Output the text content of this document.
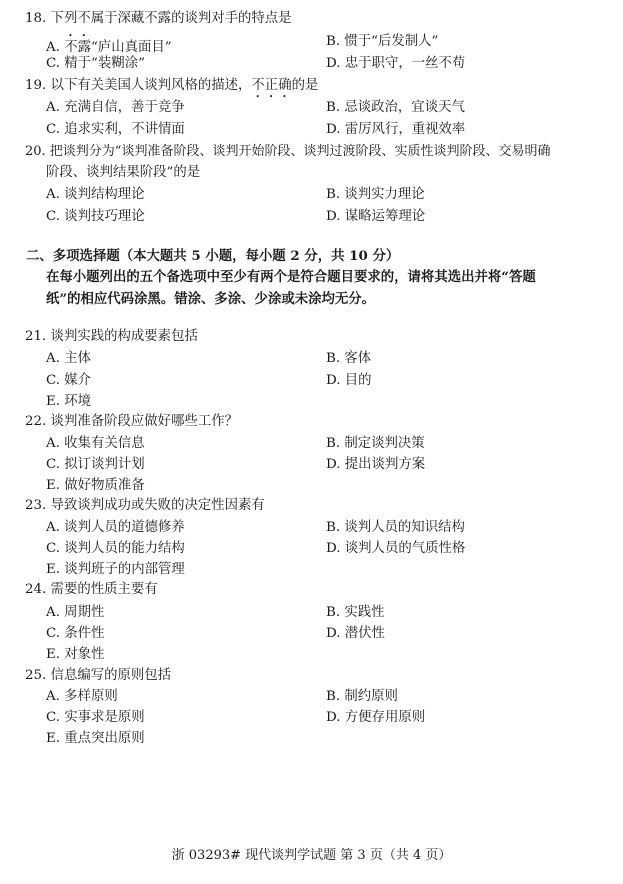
18. 下列不属于深藏不露的谈判对手的特点是
A. 不露“庐山真面目”	B. 惯于“后发制人”
C. 精于“装糊涂”	D. 忠于职守，一丝不苟
19. 以下有关美国人谈判风格的描述，不正确的是
A. 充满自信，善于竞争	B. 忌谈政治，宜谈天气
C. 追求实利，不讲情面	D. 雷厉风行，重视效率
20. 把谈判分为“谈判准备阶段、谈判开始阶段、谈判过渡阶段、实质性谈判阶段、交易明确
阶段、谈判结果阶段”的是
A. 谈判结构理论	B. 谈判实力理论
C. 谈判技巧理论	D. 谋略运筹理论
二、多项选择题（本大题共 5 小题，每小题 2 分，共 10 分）
在每小题列出的五个备选项中至少有两个是符合题目要求的，请将其选出并将“答题
纸”的相应代码涂黑。错涂、多涂、少涂或未涂均无分。
21. 谈判实践的构成要素包括
A. 主体	B. 客体
C. 媒介	D. 目的
E. 环境
22. 谈判准备阶段应做好哪些工作？
A. 收集有关信息	B. 制定谈判决策
C. 拟订谈判计划	D. 提出谈判方案
E. 做好物质准备
23. 导致谈判成功或失败的决定性因素有
A. 谈判人员的道德修养	B. 谈判人员的知识结构
C. 谈判人员的能力结构	D. 谈判人员的气质性格
E. 谈判班子的内部管理
24. 需要的性质主要有
A. 周期性	B. 实践性
C. 条件性	D. 潜伏性
E. 对象性
25. 信息编写的原则包括
A. 多样原则	B. 制约原则
C. 实事求是原则	D. 方便存用原则
E. 重点突出原则
浙 03293# 现代谈判学试题 第 3 页（共 4 页）
